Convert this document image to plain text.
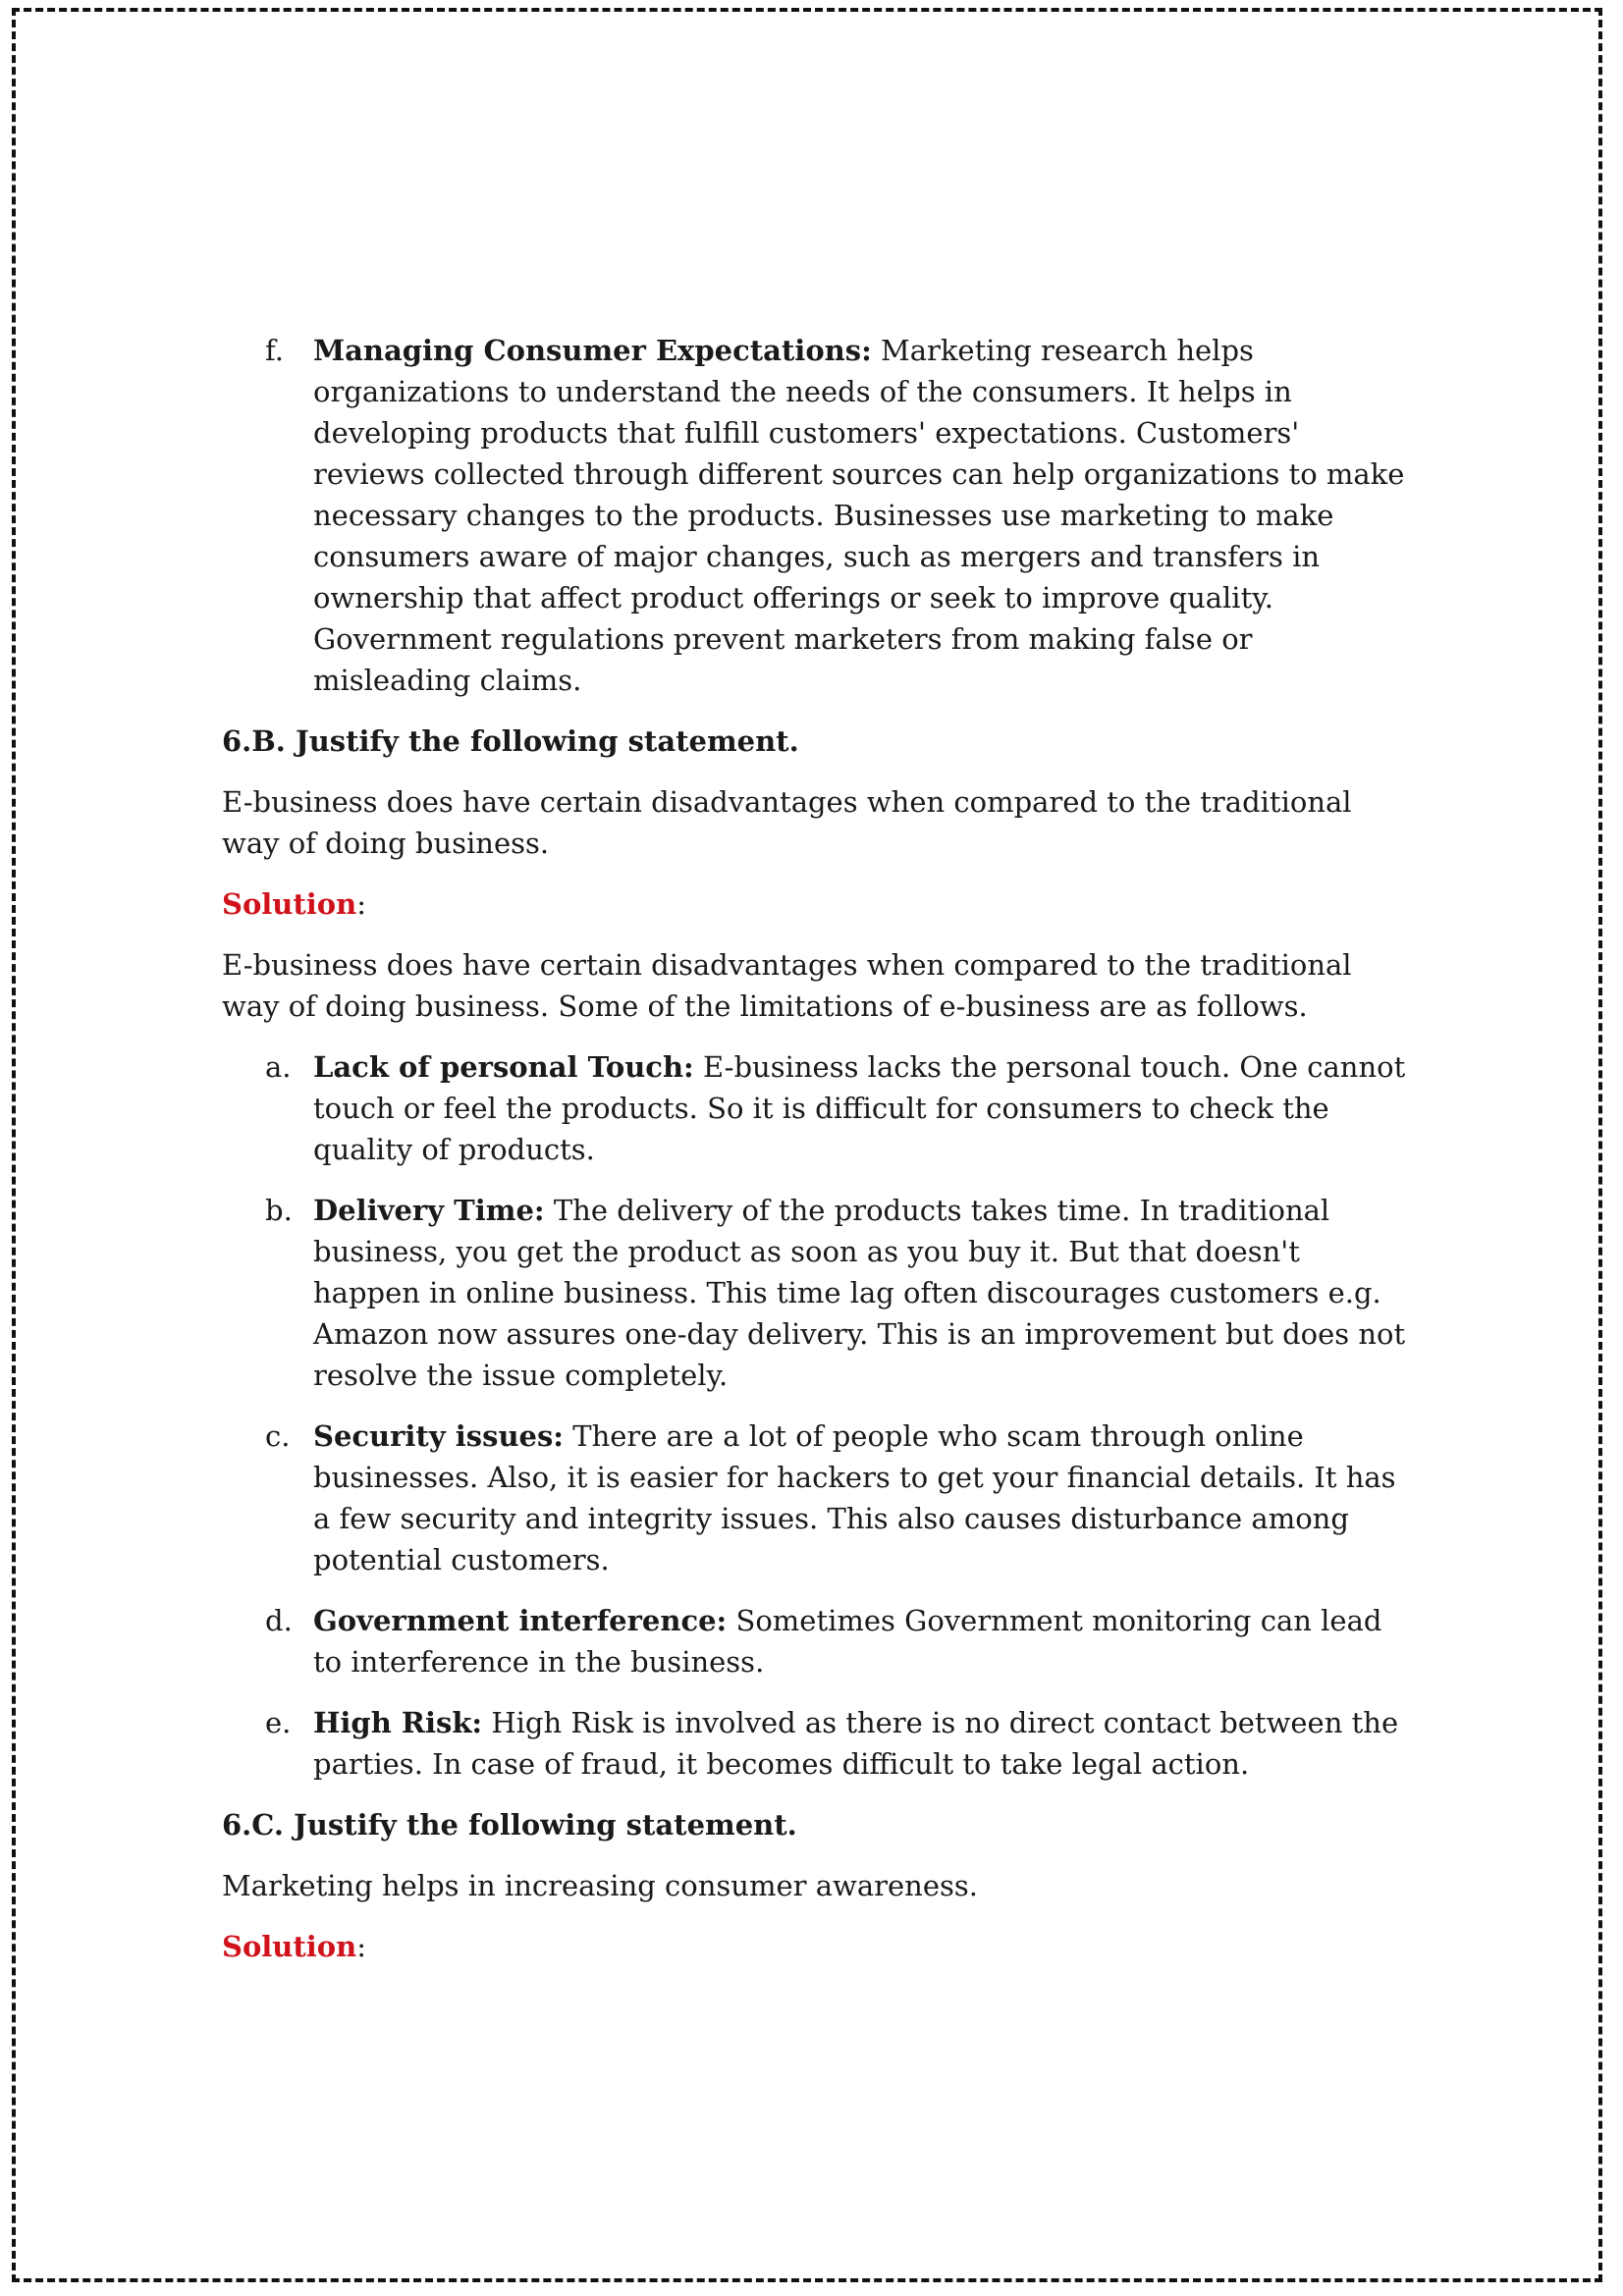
f. Managing Consumer Expectations: Marketing research helps organizations to understand the needs of the consumers. It helps in developing products that fulfill customers' expectations. Customers' reviews collected through different sources can help organizations to make necessary changes to the products. Businesses use marketing to make consumers aware of major changes, such as mergers and transfers in ownership that affect product offerings or seek to improve quality. Government regulations prevent marketers from making false or misleading claims.

6.B. Justify the following statement.

E-business does have certain disadvantages when compared to the traditional way of doing business.

Solution:

E-business does have certain disadvantages when compared to the traditional way of doing business. Some of the limitations of e-business are as follows.

a. Lack of personal Touch: E-business lacks the personal touch. One cannot touch or feel the products. So it is difficult for consumers to check the quality of products.
b. Delivery Time: The delivery of the products takes time. In traditional business, you get the product as soon as you buy it. But that doesn't happen in online business. This time lag often discourages customers e.g. Amazon now assures one-day delivery. This is an improvement but does not resolve the issue completely.
c. Security issues: There are a lot of people who scam through online businesses. Also, it is easier for hackers to get your financial details. It has a few security and integrity issues. This also causes disturbance among potential customers.
d. Government interference: Sometimes Government monitoring can lead to interference in the business.
e. High Risk: High Risk is involved as there is no direct contact between the parties. In case of fraud, it becomes difficult to take legal action.

6.C. Justify the following statement.

Marketing helps in increasing consumer awareness.

Solution:
